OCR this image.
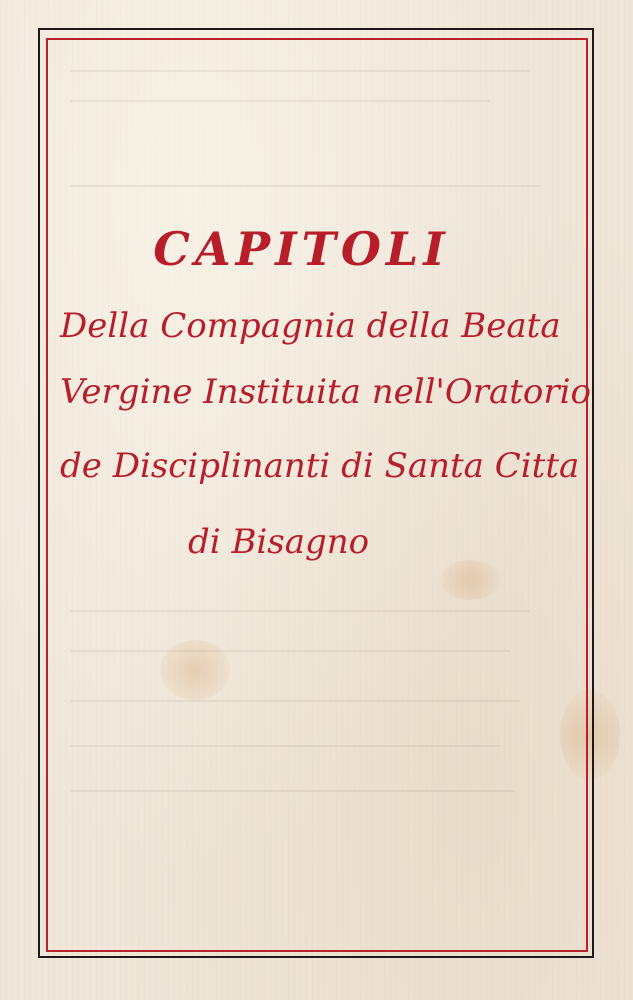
CAPITOLI

Della Compagnia della Beata

Vergine Instituita nell'Oratorio

de Disciplinanti di Santa Citta

di Bisagno
